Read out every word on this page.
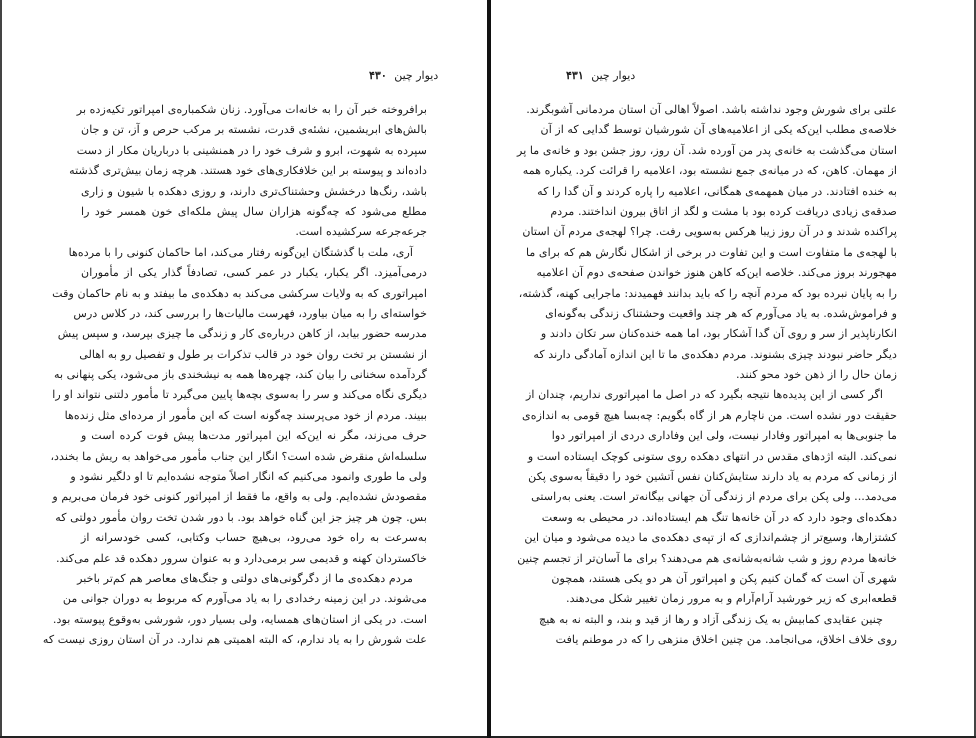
۴۳۰ دیوار چین
برافروخته خبر آن را به خانه‌ات می‌آورد. زنان شکمباره‌ی امپراتور تکیه‌زده بر
بالش‌های ابریشمین، نشئه‌ی قدرت، نشسته بر مرکب حرص و آز، تن و جان
سپرده به شهوت، ابرو و شرف خود را در همنشینی با درباریان مکار از دست
داده‌اند و پیوسته بر این خلافکاری‌های خود هستند. هرچه زمان بیش‌تری گذشته
باشد، رنگ‌ها درخشش وحشتناک‌تری دارند، و روزی دهکده با شیون و زاری
مطلع می‌شود که چه‌گونه هزاران سال پیش ملکه‌ای خون همسر خود را
جرعه‌جرعه سرکشیده است.
آری، ملت با گذشتگان این‌گونه رفتار می‌کند، اما حاکمان کنونی را با مرده‌ها
درمی‌آمیزد. اگر یکبار، یکبار در عمر کسی، تصادفاً گذار یکی از مأموران
امپراتوری که به ولایات سرکشی می‌کند به دهکده‌ی ما بیفتد و به نام حاکمان وقت
خواسته‌ای را به میان بیاورد، فهرست مالیات‌ها را بررسی کند، در کلاس درس
مدرسه حضور بیابد، از کاهن درباره‌ی کار و زندگی ما چیزی بپرسد، و سپس پیش
از نشستن بر تخت روان خود در قالب تذکرات بر طول و تفصیل رو به اهالی
گردآمده سخنانی را بیان کند، چهره‌ها همه به نیشخندی باز می‌شود، یکی پنهانی به
دیگری نگاه می‌کند و سر را به‌سوی بچه‌ها پایین می‌گیرد تا مأمور دلتنی نتواند او را
ببیند. مردم از خود می‌پرسند چه‌گونه است که این مأمور از مرده‌ای مثل زنده‌ها
حرف می‌زند، مگر نه این‌که این امپراتور مدت‌ها پیش فوت کرده است و
سلسله‌اش منقرض شده است؟ انگار این جناب مأمور می‌خواهد به ریش ما بخندد،
ولی ما طوری وانمود می‌کنیم که انگار اصلاً متوجه نشده‌ایم تا او دلگیر نشود و
مقصودش نشده‌ایم. ولی به واقع، ما فقط از امپراتور کنونی خود فرمان می‌بریم و
بس. چون هر چیز جز این گناه خواهد بود. با دور شدن تخت روان مأمور دولتی که
به‌سرعت به راه خود می‌رود، بی‌هیچ حساب وکتابی، کسی خودسرانه از
خاکستردان کهنه و قدیمی سر برمی‌دارد و به عنوان سرور دهکده قد علم می‌کند.
مردم دهکده‌ی ما از دگرگونی‌های دولتی و جنگ‌های معاصر هم کم‌تر باخبر
می‌شوند. در این زمینه رخدادی را به یاد می‌آورم که مربوط به دوران جوانی من
است. در یکی از استان‌های همسایه، ولی بسیار دور، شورشی به‌وقوع پیوسته بود.
علت شورش را به یاد ندارم، که البته اهمیتی هم ندارد. در آن استان روزی نیست که
دیوار چین ۴۳۱
علتی برای شورش وجود نداشته باشد. اصولاً اهالی آن استان مردمانی آشوبگرند.
خلاصه‌ی مطلب این‌که یکی از اعلامیه‌های آن شورشیان توسط گدایی که از آن
استان می‌گذشت به خانه‌ی پدر من آورده شد. آن روز، روز جشن بود و خانه‌ی ما پر
از مهمان. کاهن، که در میانه‌ی جمع نشسته بود، اعلامیه را قرائت کرد. یکباره همه
به خنده افتادند. در میان همهمه‌ی همگانی، اعلامیه را پاره کردند و آن گدا را که
صدقه‌ی زیادی دریافت کرده بود با مشت و لگد از اتاق بیرون انداختند. مردم
پراکنده شدند و در آن روز زیبا هرکس به‌سویی رفت. چرا؟ لهجه‌ی مردم آن استان
با لهجه‌ی ما متفاوت است و این تفاوت در برخی از اشکال نگارش هم که برای ما
مهجورند بروز می‌کند. خلاصه این‌که کاهن هنوز خواندن صفحه‌ی دوم آن اعلامیه
را به پایان نبرده بود که مردم آنچه را که باید بدانند فهمیدند: ماجرایی کهنه، گذشته،
و فراموش‌شده. به یاد می‌آورم که هر چند واقعیت وحشتناک زندگی به‌گونه‌ای
انکارناپذیر از سر و روی آن گدا آشکار بود، اما همه خنده‌کنان سر تکان دادند و
دیگر حاضر نبودند چیزی بشنوند. مردم دهکده‌ی ما تا این اندازه آمادگی دارند که
زمان حال را از ذهن خود محو کنند.
اگر کسی از این پدیده‌ها نتیجه بگیرد که در اصل ما امپراتوری نداریم، چندان از
حقیقت دور نشده است. من ناچارم هر از گاه بگویم: چه‌بسا هیچ قومی به اندازه‌ی
ما جنوبی‌ها به امپراتور وفادار نیست، ولی این وفاداری دردی از امپراتور دوا
نمی‌کند. البته اژدهای مقدس در انتهای دهکده روی ستونی کوچک ایستاده است و
از زمانی که مردم به یاد دارند ستایش‌کنان نفس آتشین خود را دقیقاً به‌سوی پکن
می‌دمد... ولی پکن برای مردم از زندگی آن جهانی بیگانه‌تر است. یعنی به‌راستی
دهکده‌ای وجود دارد که در آن خانه‌ها تنگ هم ایستاده‌اند. در محیطی به وسعت
کشتزارها، وسیع‌تر از چشم‌اندازی که از تپه‌ی دهکده‌ی ما دیده می‌شود و میان این
خانه‌ها مردم روز و شب شانه‌به‌شانه‌ی هم می‌دهند؟ برای ما آسان‌تر از تجسم چنین
شهری آن است که گمان کنیم پکن و امپراتور آن هر دو یکی هستند، همچون
قطعه‌ابری که زیر خورشید آرام‌آرام و به مرور زمان تغییر شکل می‌دهند.
چنین عقایدی کمابیش به یک زندگی آزاد و رها از قید و بند، و البته نه به هیچ
روی خلاف اخلاق، می‌انجامد. من چنین اخلاق منزهی را که در موطنم یافت
